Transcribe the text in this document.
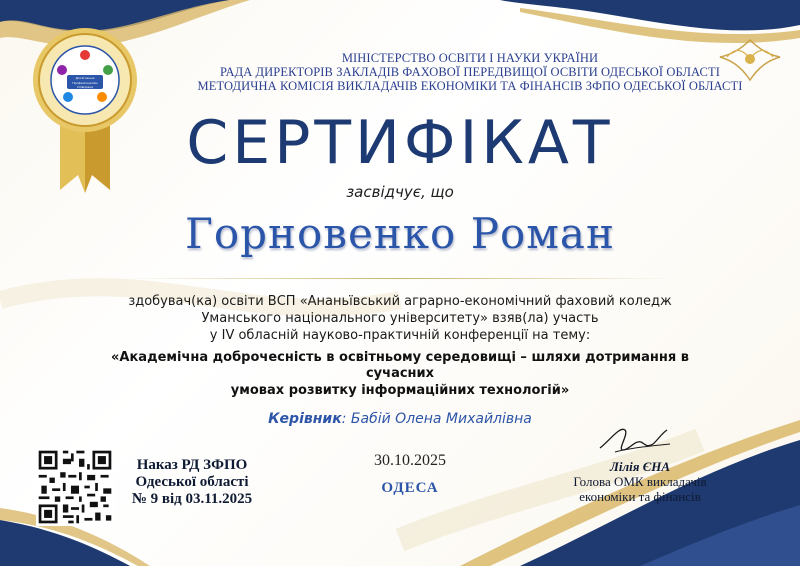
Досягнення Професіоналізм Співпраця
МІНІСТЕРСТВО ОСВІТИ І НАУКИ УКРАЇНИ
РАДА ДИРЕКТОРІВ ЗАКЛАДІВ ФАХОВОЇ ПЕРЕДВИЩОЇ ОСВІТИ ОДЕСЬКОЇ ОБЛАСТІ
МЕТОДИЧНА КОМІСІЯ ВИКЛАДАЧІВ ЕКОНОМІКИ ТА ФІНАНСІВ ЗФПО ОДЕСЬКОЇ ОБЛАСТІ
СЕРТИФІКАТ
засвідчує, що
Горновенко Роман
здобувач(ка) освіти ВСП «Ананьївський аграрно-економічний фаховий коледж
Уманського національного університету» взяв(ла) участь
у IV обласній науково-практичній конференції на тему:
«Академічна доброчесність в освітньому середовищі – шляхи дотримання в
сучасних
умовах розвитку інформаційних технологій»
Керівник: Бабій Олена Михайлівна
Наказ РД ЗФПО
Одеської області
№ 9 від 03.11.2025
30.10.2025
ОДЕСА
Лілія ЄНА
Голова ОМК викладачів
економіки та фінансів
